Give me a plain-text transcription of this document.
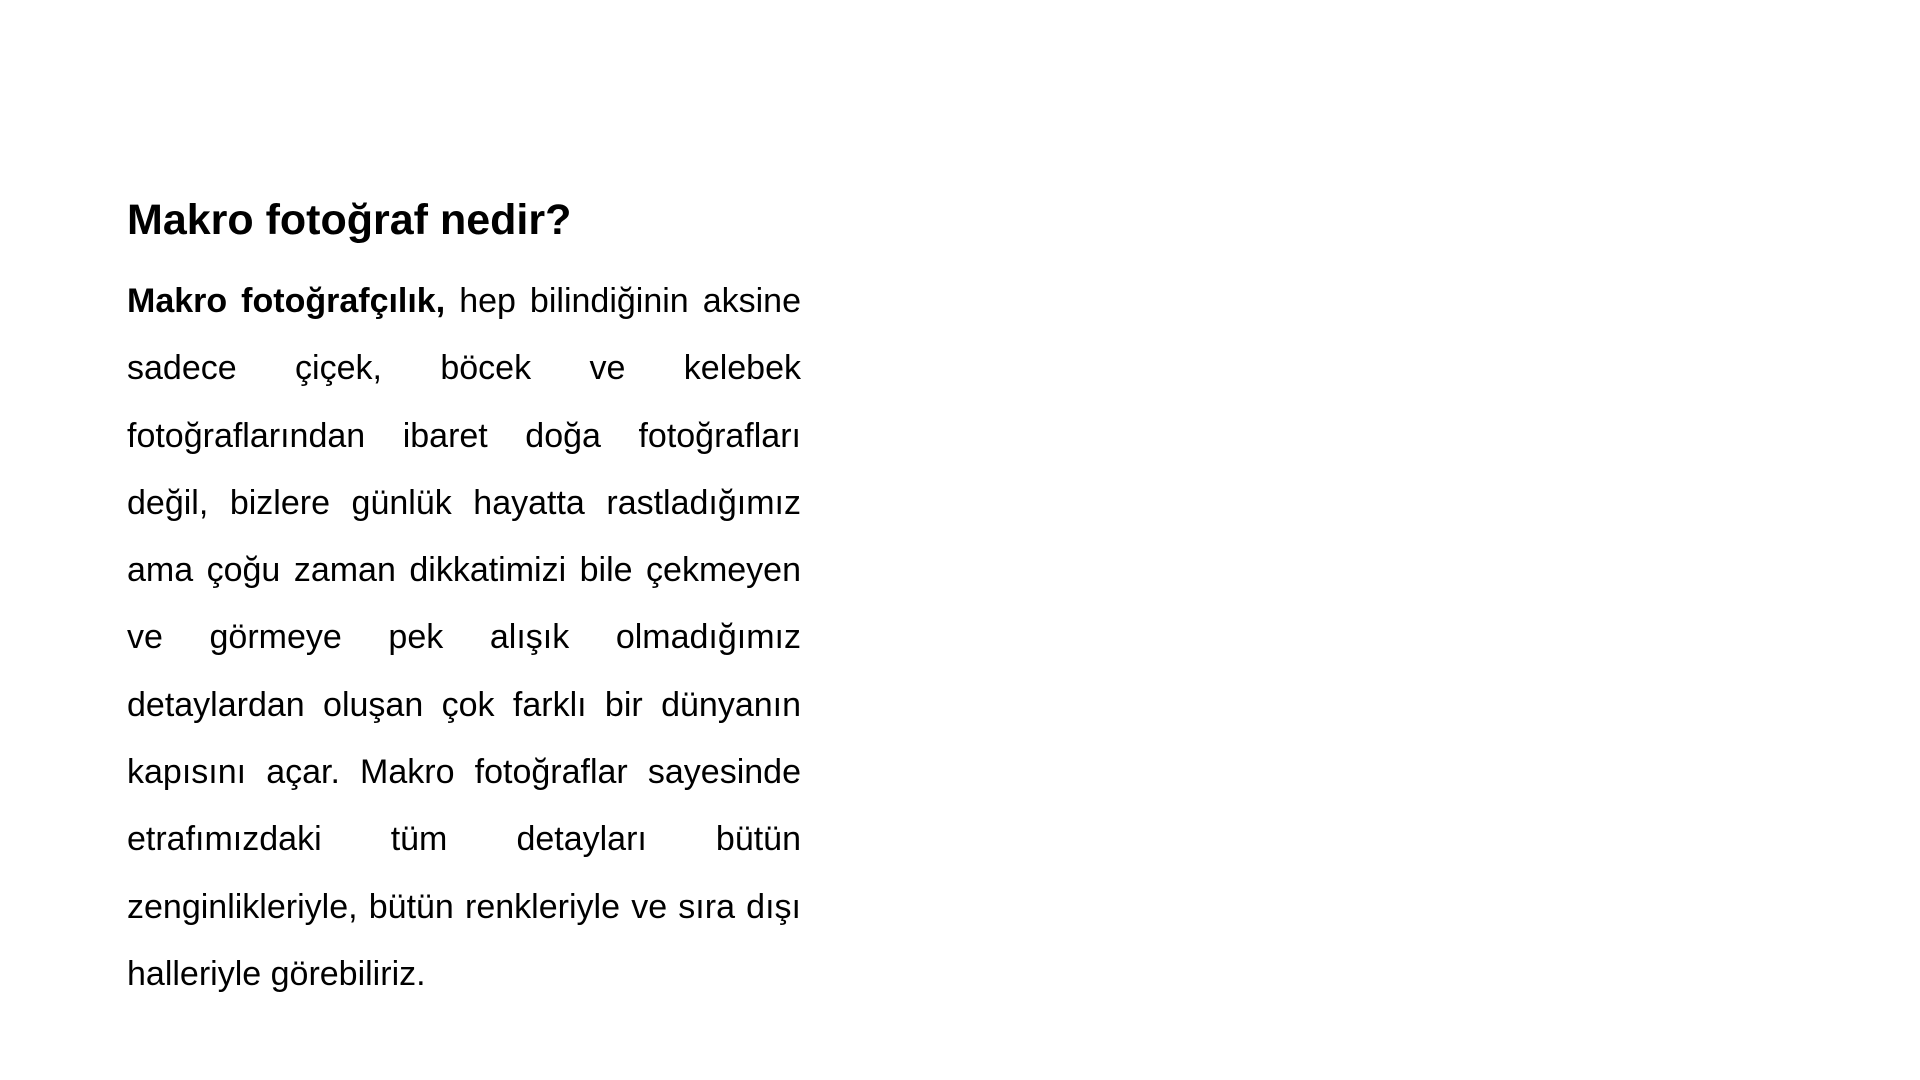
Makro fotoğraf nedir?

Makro fotoğrafçılık, hep bilindiğinin aksine sadece çiçek, böcek ve kelebek fotoğraflarından ibaret doğa fotoğrafları değil, bizlere günlük hayatta rastladığımız ama çoğu zaman dikkatimizi bile çekmeyen ve görmeye pek alışık olmadığımız detaylardan oluşan çok farklı bir dünyanın kapısını açar. Makro fotoğraflar sayesinde etrafımızdaki tüm detayları bütün zenginlikleriyle, bütün renkleriyle ve sıra dışı halleriyle görebiliriz.
